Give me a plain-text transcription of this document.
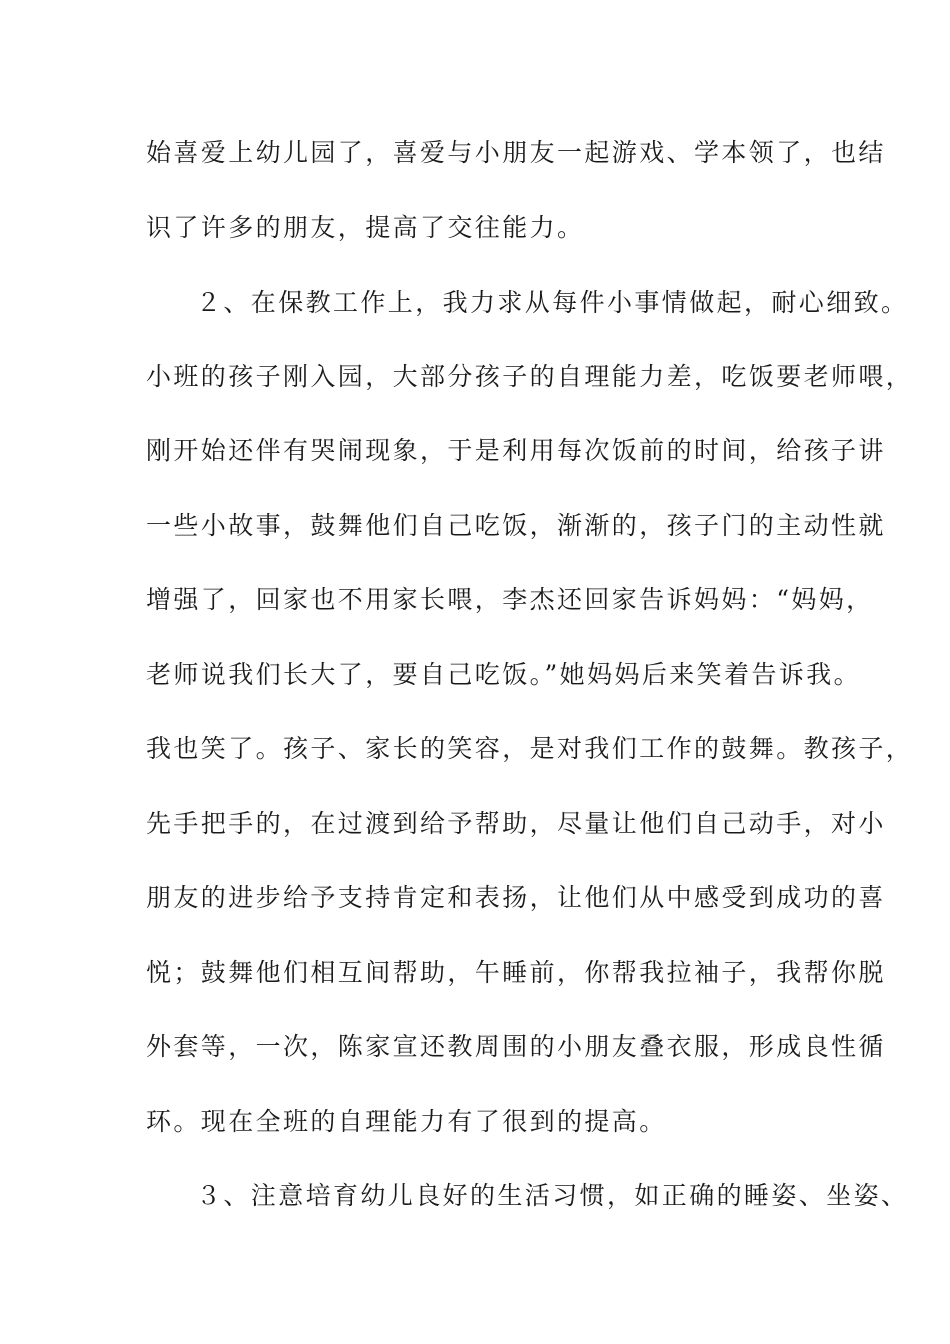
始喜爱上幼儿园了，喜爱与小朋友一起游戏、学本领了，也结
识了许多的朋友，提高了交往能力。
２、在保教工作上，我力求从每件小事情做起，耐心细致。
小班的孩子刚入园，大部分孩子的自理能力差，吃饭要老师喂，
刚开始还伴有哭闹现象，于是利用每次饭前的时间，给孩子讲
一些小故事，鼓舞他们自己吃饭，渐渐的，孩子门的主动性就
增强了，回家也不用家长喂，李杰还回家告诉妈妈：“妈妈，
老师说我们长大了，要自己吃饭。”她妈妈后来笑着告诉我。
我也笑了。孩子、家长的笑容，是对我们工作的鼓舞。教孩子，
先手把手的，在过渡到给予帮助，尽量让他们自己动手，对小
朋友的进步给予支持肯定和表扬，让他们从中感受到成功的喜
悦；鼓舞他们相互间帮助，午睡前，你帮我拉袖子，我帮你脱
外套等，一次，陈家宣还教周围的小朋友叠衣服，形成良性循
环。现在全班的自理能力有了很到的提高。
３、注意培育幼儿良好的生活习惯，如正确的睡姿、坐姿、
